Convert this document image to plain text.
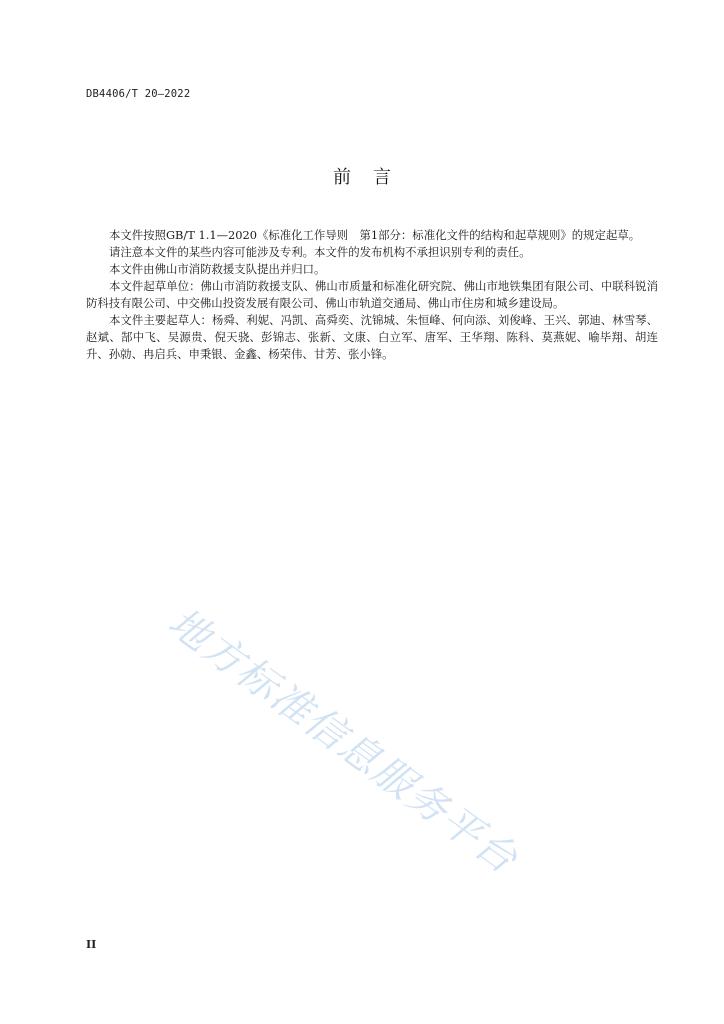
DB4406/T 20—2022
前言

本文件按照GB/T 1.1—2020《标准化工作导则　第1部分：标准化文件的结构和起草规则》的规定起草。

请注意本文件的某些内容可能涉及专利。本文件的发布机构不承担识别专利的责任。

本文件由佛山市消防救援支队提出并归口。

本文件起草单位：佛山市消防救援支队、佛山市质量和标准化研究院、佛山市地铁集团有限公司、中联科锐消防科技有限公司、中交佛山投资发展有限公司、佛山市轨道交通局、佛山市住房和城乡建设局。

本文件主要起草人：杨舜、利妮、冯凯、高舜奕、沈锦城、朱恒峰、何向添、刘俊峰、王兴、郭迪、林雪琴、赵斌、郜中飞、吴源贵、倪天骁、彭锦志、张新、文康、白立军、唐军、王华翔、陈科、莫燕妮、喻毕翔、胡连升、孙勍、冉启兵、申秉银、金鑫、杨荣伟、甘芳、张小锋。

地方标准信息服务平台
II
